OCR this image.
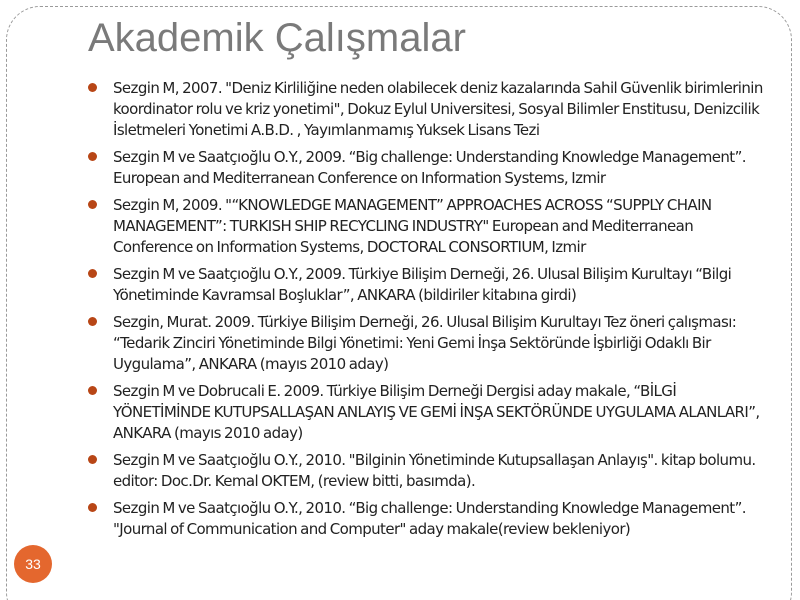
Akademik Çalışmalar
Sezgin M, 2007. "Deniz Kirliliğine neden olabilecek deniz kazalarında Sahil Güvenlik birimlerinin koordinator rolu ve kriz yonetimi", Dokuz Eylul Universitesi, Sosyal Bilimler Enstitusu, Denizcilik İsletmeleri Yonetimi A.B.D. , Yayımlanmamış Yuksek Lisans Tezi
Sezgin M ve Saatçıoğlu O.Y., 2009. “Big challenge: Understanding Knowledge Management”. European and Mediterranean Conference on Information Systems, Izmir
Sezgin M, 2009. "“KNOWLEDGE MANAGEMENT” APPROACHES ACROSS “SUPPLY CHAIN MANAGEMENT”: TURKISH SHIP RECYCLING INDUSTRY" European and Mediterranean Conference on Information Systems, DOCTORAL CONSORTIUM, Izmir
Sezgin M ve Saatçıoğlu O.Y., 2009. Türkiye Bilişim Derneği, 26. Ulusal Bilişim Kurultayı “Bilgi Yönetiminde Kavramsal Boşluklar”, ANKARA (bildiriler kitabına girdi)
Sezgin, Murat. 2009. Türkiye Bilişim Derneği, 26. Ulusal Bilişim Kurultayı Tez öneri çalışması: “Tedarik Zinciri Yönetiminde Bilgi Yönetimi: Yeni Gemi İnşa Sektöründe İşbirliği Odaklı Bir Uygulama”, ANKARA (mayıs 2010 aday)
Sezgin M ve Dobrucali E. 2009. Türkiye Bilişim Derneği Dergisi aday makale, “BİLGİ YÖNETİMİNDE KUTUPSALLAŞAN ANLAYIŞ VE GEMİ İNŞA SEKTÖRÜNDE UYGULAMA ALANLARI”, ANKARA (mayıs 2010 aday)
Sezgin M ve Saatçıoğlu O.Y., 2010. "Bilginin Yönetiminde Kutupsallaşan Anlayış". kitap bolumu. editor: Doc.Dr. Kemal OKTEM, (review bitti, basımda).
Sezgin M ve Saatçıoğlu O.Y., 2010. “Big challenge: Understanding Knowledge Management”. "Journal of Communication and Computer" aday makale(review bekleniyor)
33
